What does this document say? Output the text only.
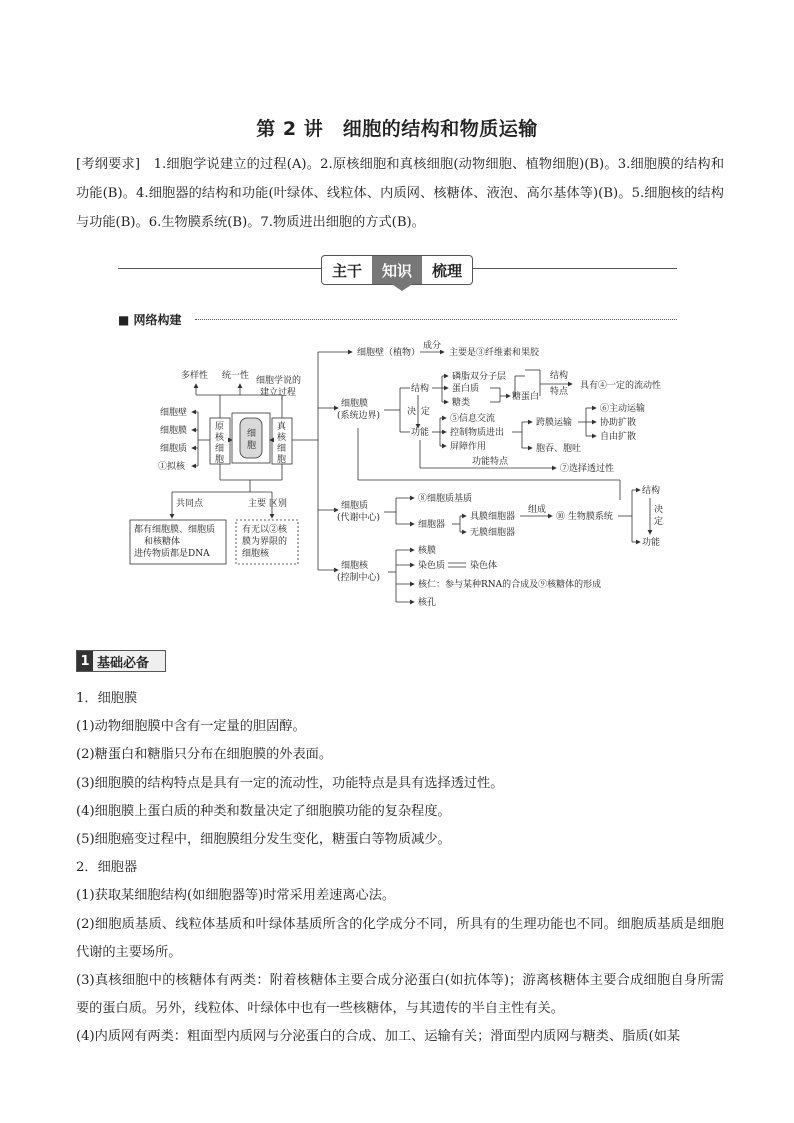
第 2 讲　细胞的结构和物质运输
[考纲要求]　 1.细胞学说建立的过程(A)。2.原核细胞和真核细胞(动物细胞、植物细胞)(B)。3.细胞膜的结构和功能(B)。4.细胞器的结构和功能(叶绿体、线粒体、内质网、核糖体、液泡、高尔基体等)(B)。5.细胞核的结构与功能(B)。6.生物膜系统(B)。7.物质进出细胞的方式(B)。
主干	知识	梳理
■ 网络构建
多样性 统一性 细胞学说的
建立过程
细胞壁
细胞膜
细胞质
①拟核
原
核
细
胞
细
胞
真
核
细
胞
共同点	主要 区别
都有细胞膜、细胞质
和核糖体
进传物质都是DNA
有无以②核
膜为界限的
细胞核
细胞壁（植物）
成分
主要是③纤维素和果胶
细胞膜
(系统边界)
结构
决 定
功能
磷脂双分子层
蛋白质
糖类
糖蛋白
结构
特点
具有④一定的流动性
⑤信息交流
控制物质进出
屏障作用
跨膜运输
胞吞、胞吐
⑥主动运输
协助扩散
自由扩散
功能特点
⑦选择透过性
细胞质
(代谢中心)
⑧细胞质基质
细胞器
具膜细胞器
无膜细胞器
组成
⑩ 生物膜系统
结构
决
定
功能
细胞核
(控制中心)
核膜
染色质	染色体
核仁：参与某种RNA的合成及⑨核糖体的形成
核孔
1 基础必备

1．细胞膜

(1)动物细胞膜中含有一定量的胆固醇。

(2)糖蛋白和糖脂只分布在细胞膜的外表面。

(3)细胞膜的结构特点是具有一定的流动性，功能特点是具有选择透过性。

(4)细胞膜上蛋白质的种类和数量决定了细胞膜功能的复杂程度。

(5)细胞癌变过程中，细胞膜组分发生变化，糖蛋白等物质减少。

2．细胞器

(1)获取某细胞结构(如细胞器等)时常采用差速离心法。

(2)细胞质基质、线粒体基质和叶绿体基质所含的化学成分不同，所具有的生理功能也不同。细胞质基质是细胞代谢的主要场所。

(3)真核细胞中的核糖体有两类：附着核糖体主要合成分泌蛋白(如抗体等)；游离核糖体主要合成细胞自身所需要的蛋白质。另外，线粒体、叶绿体中也有一些核糖体，与其遗传的半自主性有关。

(4)内质网有两类：粗面型内质网与分泌蛋白的合成、加工、运输有关；滑面型内质网与糖类、脂质(如某
